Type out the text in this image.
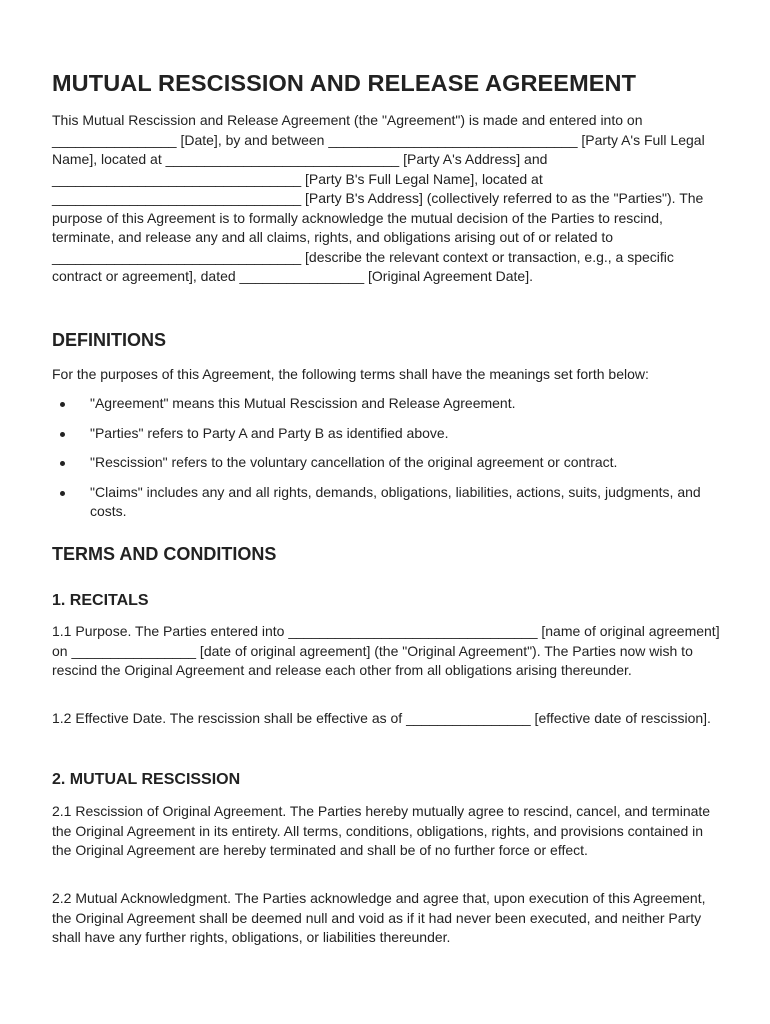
MUTUAL RESCISSION AND RELEASE AGREEMENT

This Mutual Rescission and Release Agreement (the "Agreement") is made and entered into on ________________ [Date], by and between ________________________________ [Party A's Full Legal Name], located at ______________________________ [Party A's Address] and ________________________________ [Party B's Full Legal Name], located at ________________________________ [Party B's Address] (collectively referred to as the "Parties"). The purpose of this Agreement is to formally acknowledge the mutual decision of the Parties to rescind, terminate, and release any and all claims, rights, and obligations arising out of or related to ________________________________ [describe the relevant context or transaction, e.g., a specific contract or agreement], dated ________________ [Original Agreement Date].

DEFINITIONS

For the purposes of this Agreement, the following terms shall have the meanings set forth below:

"Agreement" means this Mutual Rescission and Release Agreement.
"Parties" refers to Party A and Party B as identified above.
"Rescission" refers to the voluntary cancellation of the original agreement or contract.
"Claims" includes any and all rights, demands, obligations, liabilities, actions, suits, judgments, and costs.
TERMS AND CONDITIONS
1. RECITALS

1.1 Purpose. The Parties entered into ________________________________ [name of original agreement] on ________________ [date of original agreement] (the "Original Agreement"). The Parties now wish to rescind the Original Agreement and release each other from all obligations arising thereunder.

1.2 Effective Date. The rescission shall be effective as of ________________ [effective date of rescission].

2. MUTUAL RESCISSION

2.1 Rescission of Original Agreement. The Parties hereby mutually agree to rescind, cancel, and terminate the Original Agreement in its entirety. All terms, conditions, obligations, rights, and provisions contained in the Original Agreement are hereby terminated and shall be of no further force or effect.

2.2 Mutual Acknowledgment. The Parties acknowledge and agree that, upon execution of this Agreement, the Original Agreement shall be deemed null and void as if it had never been executed, and neither Party shall have any further rights, obligations, or liabilities thereunder.
